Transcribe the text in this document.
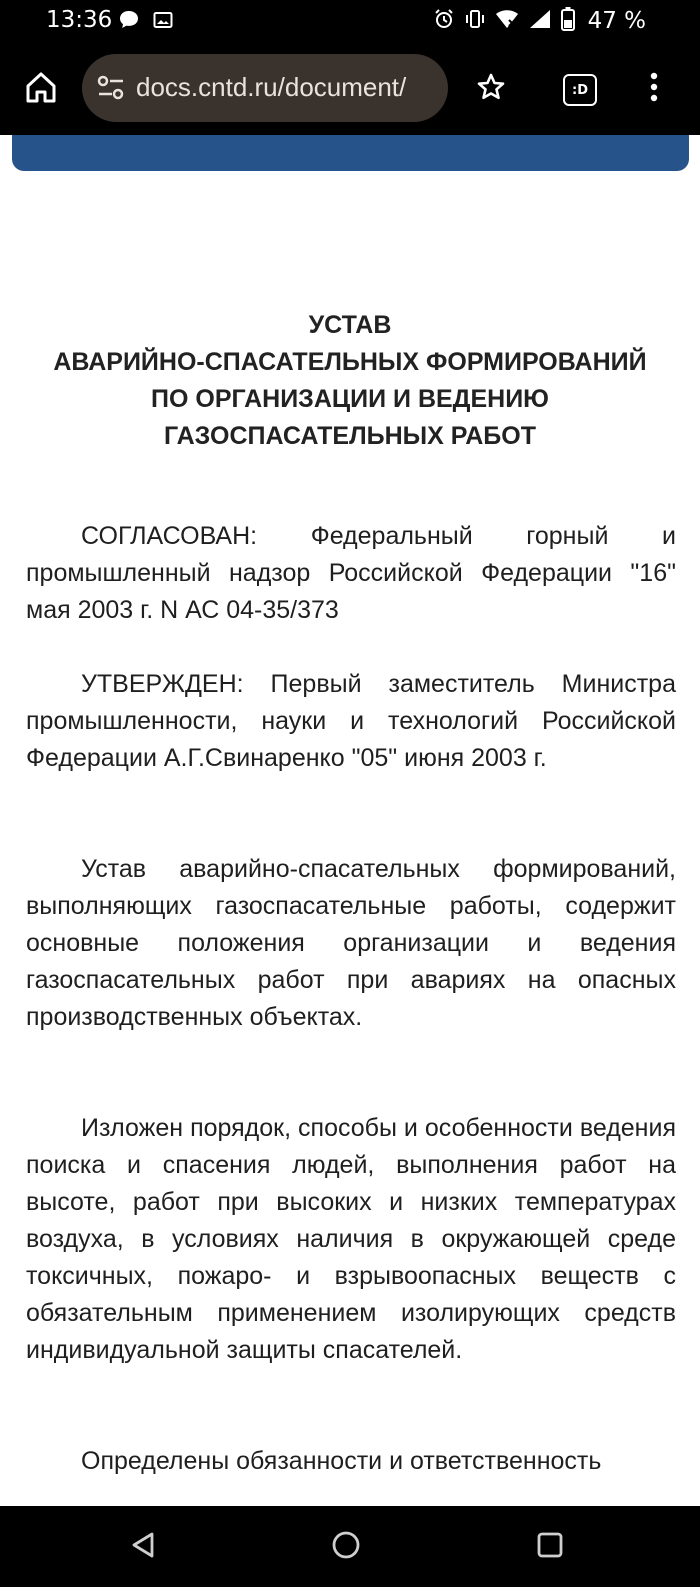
13:36	47 %
docs.cntd.ru/document/	:D
УСТАВ
АВАРИЙНО-СПАСАТЕЛЬНЫХ ФОРМИРОВАНИЙ
ПО ОРГАНИЗАЦИИ И ВЕДЕНИЮ
ГАЗОСПАСАТЕЛЬНЫХ РАБОТ

СОГЛАСОВАН: Федеральный горный и промышленный надзор Российской Федерации "16" мая 2003 г. N АС 04-35/373

УТВЕРЖДЕН: Первый заместитель Министра промышленности, науки и технологий Российской Федерации А.Г.Свинаренко "05" июня 2003 г.

Устав аварийно-спасательных формирований, выполняющих газоспасательные работы, содержит основные положения организации и ведения газоспасательных работ при авариях на опасных производственных объектах.

Изложен порядок, способы и особенности ведения поиска и спасения людей, выполнения работ на высоте, работ при высоких и низких температурах воздуха, в условиях наличия в окружающей среде токсичных, пожаро- и взрывоопасных веществ с обязательным применением изолирующих средств индивидуальной защиты спасателей.

Определены обязанности и ответственность
